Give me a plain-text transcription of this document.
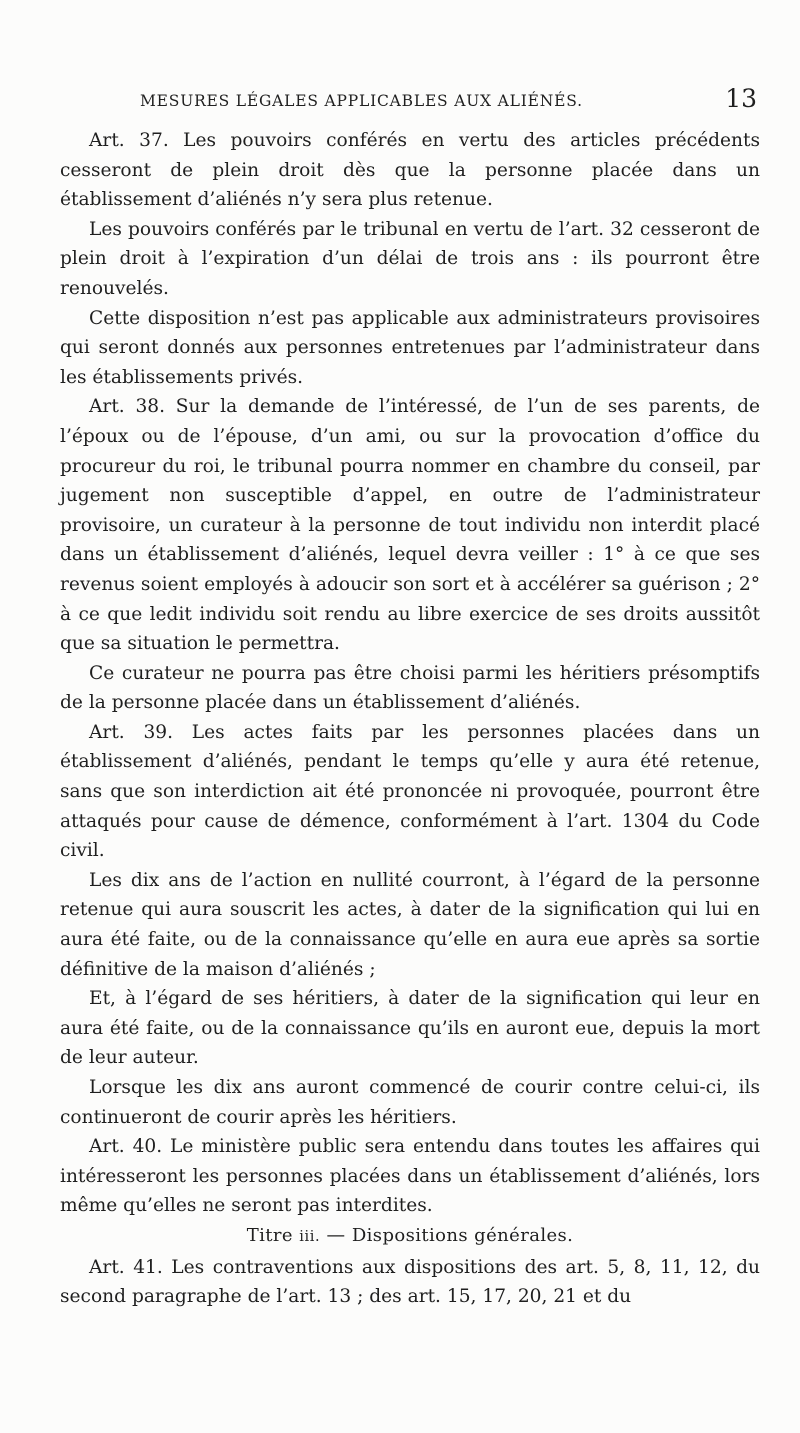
MESURES LÉGALES APPLICABLES AUX ALIÉNÉS.	13

Art. 37. Les pouvoirs conférés en vertu des articles précédents cesseront de plein droit dès que la personne placée dans un établissement d’aliénés n’y sera plus retenue.

Les pouvoirs conférés par le tribunal en vertu de l’art. 32 cesseront de plein droit à l’expiration d’un délai de trois ans : ils pourront être renouvelés.

Cette disposition n’est pas applicable aux administrateurs provisoires qui seront donnés aux personnes entretenues par l’administrateur dans les établissements privés.

Art. 38. Sur la demande de l’intéressé, de l’un de ses parents, de l’époux ou de l’épouse, d’un ami, ou sur la provocation d’office du procureur du roi, le tribunal pourra nommer en chambre du conseil, par jugement non susceptible d’appel, en outre de l’administrateur provisoire, un curateur à la personne de tout individu non interdit placé dans un établissement d’aliénés, lequel devra veiller : 1° à ce que ses revenus soient employés à adoucir son sort et à accélérer sa guérison ; 2° à ce que ledit individu soit rendu au libre exercice de ses droits aussitôt que sa situation le permettra.

Ce curateur ne pourra pas être choisi parmi les héritiers présomptifs de la personne placée dans un établissement d’aliénés.

Art. 39. Les actes faits par les personnes placées dans un établissement d’aliénés, pendant le temps qu’elle y aura été retenue, sans que son interdiction ait été prononcée ni provoquée, pourront être attaqués pour cause de démence, conformément à l’art. 1304 du Code civil.

Les dix ans de l’action en nullité courront, à l’égard de la personne retenue qui aura souscrit les actes, à dater de la signification qui lui en aura été faite, ou de la connaissance qu’elle en aura eue après sa sortie définitive de la maison d’aliénés ;

Et, à l’égard de ses héritiers, à dater de la signification qui leur en aura été faite, ou de la connaissance qu’ils en auront eue, depuis la mort de leur auteur.

Lorsque les dix ans auront commencé de courir contre celui-ci, ils continueront de courir après les héritiers.

Art. 40. Le ministère public sera entendu dans toutes les affaires qui intéresseront les personnes placées dans un établissement d’aliénés, lors même qu’elles ne seront pas interdites.

Titre iii. — Dispositions générales.

Art. 41. Les contraventions aux dispositions des art. 5, 8, 11, 12, du second paragraphe de l’art. 13 ; des art. 15, 17, 20, 21 et du
